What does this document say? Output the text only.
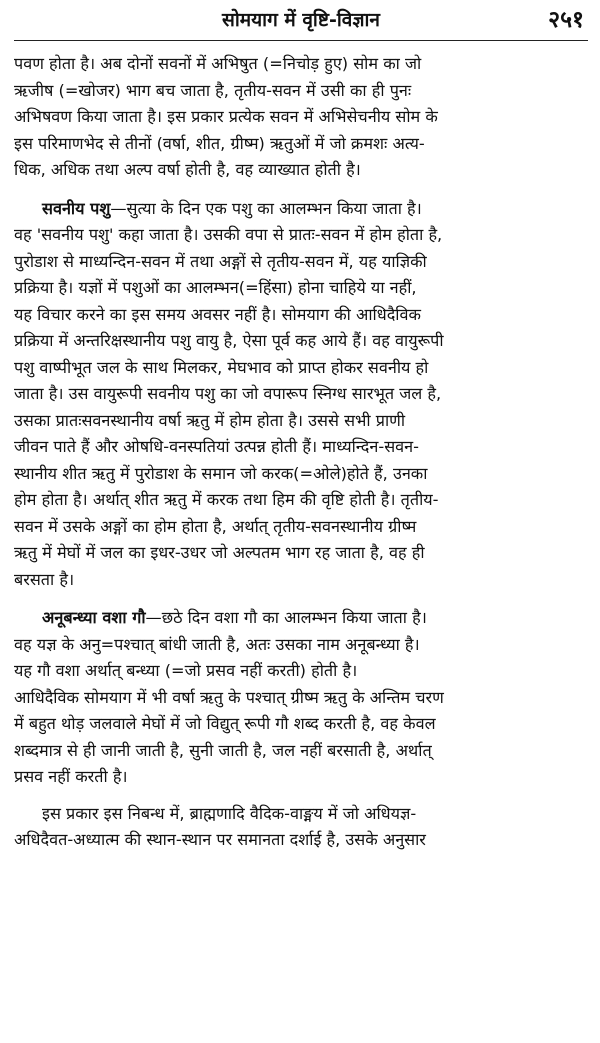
सोमयाग में वृष्टि-विज्ञान	२५१
पवण होता है। अब दोनों सवनों में अभिषुत (=निचोड़ हुए) सोम का जो
ऋजीष (=खोजर) भाग बच जाता है, तृतीय-सवन में उसी का ही पुनः
अभिषवण किया जाता है। इस प्रकार प्रत्येक सवन में अभिसेचनीय सोम के
इस परिमाणभेद से तीनों (वर्षा, शीत, ग्रीष्म) ऋतुओं में जो क्रमशः अत्य-
धिक, अधिक तथा अल्प वर्षा होती है, वह व्याख्यात होती है।
सवनीय पशु—सुत्या के दिन एक पशु का आलम्भन किया जाता है।
वह 'सवनीय पशु' कहा जाता है। उसकी वपा से प्रातः-सवन में होम होता है,
पुरोडाश से माध्यन्दिन-सवन में तथा अङ्गों से तृतीय-सवन में, यह याज्ञिकी
प्रक्रिया है। यज्ञों में पशुओं का आलम्भन(=हिंसा) होना चाहिये या नहीं,
यह विचार करने का इस समय अवसर नहीं है। सोमयाग की आधिदैविक
प्रक्रिया में अन्तरिक्षस्थानीय पशु वायु है, ऐसा पूर्व कह आये हैं। वह वायुरूपी
पशु वाष्पीभूत जल के साथ मिलकर, मेघभाव को प्राप्त होकर सवनीय हो
जाता है। उस वायुरूपी सवनीय पशु का जो वपारूप स्निग्ध सारभूत जल है,
उसका प्रातःसवनस्थानीय वर्षा ऋतु में होम होता है। उससे सभी प्राणी
जीवन पाते हैं और ओषधि-वनस्पतियां उत्पन्न होती हैं। माध्यन्दिन-सवन-
स्थानीय शीत ऋतु में पुरोडाश के समान जो करक(=ओले)होते हैं, उनका
होम होता है। अर्थात् शीत ऋतु में करक तथा हिम की वृष्टि होती है। तृतीय-
सवन में उसके अङ्गों का होम होता है, अर्थात् तृतीय-सवनस्थानीय ग्रीष्म
ऋतु में मेघों में जल का इधर-उधर जो अल्पतम भाग रह जाता है, वह ही
बरसता है।
अनूबन्ध्या वशा गौ—छठे दिन वशा गौ का आलम्भन किया जाता है।
वह यज्ञ के अनु=पश्चात् बांधी जाती है, अतः उसका नाम अनूबन्ध्या है।
यह गौ वशा अर्थात् बन्ध्या (=जो प्रसव नहीं करती) होती है।
आधिदैविक सोमयाग में भी वर्षा ऋतु के पश्चात् ग्रीष्म ऋतु के अन्तिम चरण
में बहुत थोड़ जलवाले मेघों में जो विद्युत् रूपी गौ शब्द करती है, वह केवल
शब्दमात्र से ही जानी जाती है, सुनी जाती है, जल नहीं बरसाती है, अर्थात्
प्रसव नहीं करती है।
इस प्रकार इस निबन्ध में, ब्राह्मणादि वैदिक-वाङ्मय में जो अधियज्ञ-
अधिदैवत-अध्यात्म की स्थान-स्थान पर समानता दर्शाई है, उसके अनुसार
